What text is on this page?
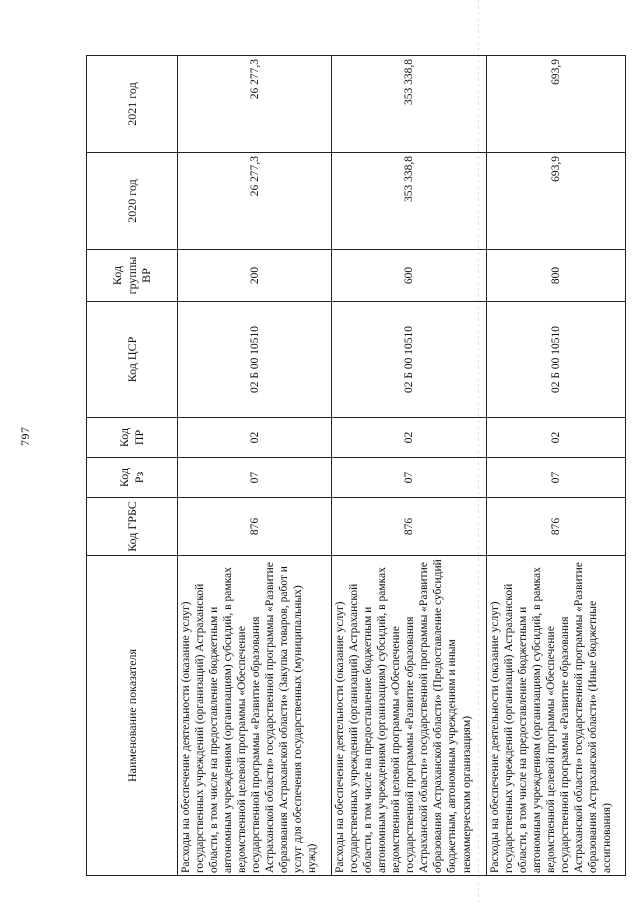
797
Наименование показателя	Код ГРБС	Код Рз	Код ПР	Код ЦСР	Код группы ВР	2020 год	2021 год
Расходы на обеспечение деятельности (оказание услуг) государственных учреждений (организаций) Астраханской области, в том числе на предоставление бюджетным и автономным учреждениям (организациям) субсидий, в рамках ведомственной целевой программы «Обеспечение государственной программы «Развитие образования Астраханской области» государственной программы «Развитие образования Астраханской области» (Закупка товаров, работ и услуг для обеспечения государственных (муниципальных) нужд)	876	07	02	02 Б 00 10510	200	26 277,3	26 277,3
Расходы на обеспечение деятельности (оказание услуг) государственных учреждений (организаций) Астраханской области, в том числе на предоставление бюджетным и автономным учреждениям (организациям) субсидий, в рамках ведомственной целевой программы «Обеспечение государственной программы «Развитие образования Астраханской области» государственной программы «Развитие образования Астраханской области» (Предоставление субсидий бюджетным, автономным учреждениям и иным некоммерческим организациям)	876	07	02	02 Б 00 10510	600	353 338,8	353 338,8
Расходы на обеспечение деятельности (оказание услуг) государственных учреждений (организаций) Астраханской области, в том числе на предоставление бюджетным и автономным учреждениям (организациям) субсидий, в рамках ведомственной целевой программы «Обеспечение государственной программы «Развитие образования Астраханской области» государственной программы «Развитие образования Астраханской области» (Иные бюджетные ассигнования)	876	07	02	02 Б 00 10510	800	693,9	693,9
